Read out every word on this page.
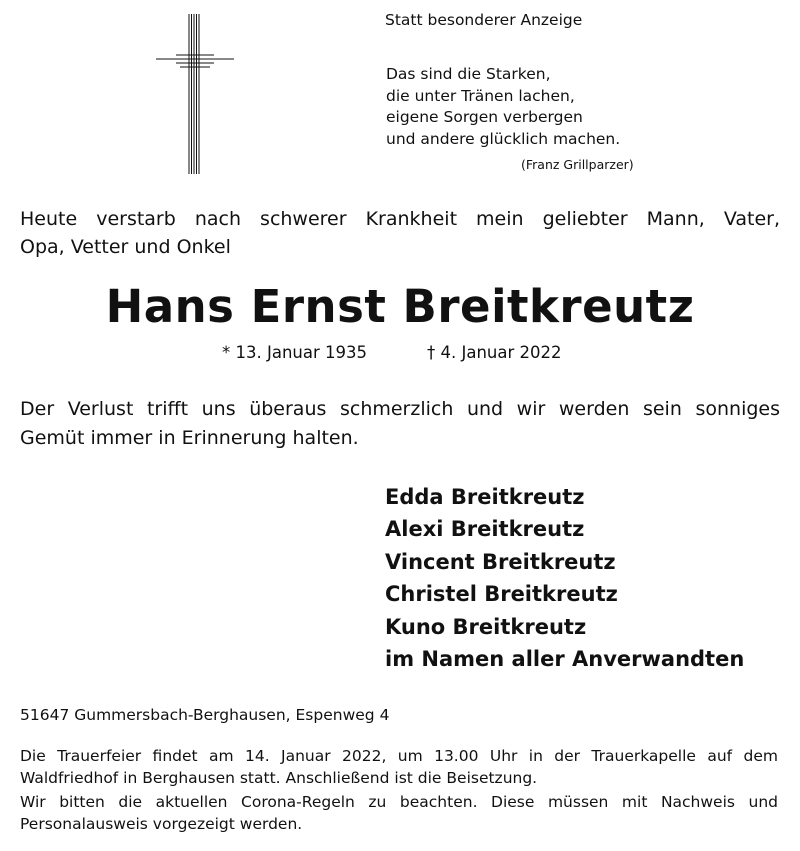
Statt besonderer Anzeige
Das sind die Starken,
die unter Tränen lachen,
eigene Sorgen verbergen
und andere glücklich machen.
(Franz Grillparzer)
Heute verstarb nach schwerer Krankheit mein geliebter Mann, Vater,
Opa, Vetter und Onkel
Hans Ernst Breitkreutz
* 13. Januar 1935	† 4. Januar 2022
Der Verlust trifft uns überaus schmerzlich und wir werden sein sonniges
Gemüt immer in Erinnerung halten.
Edda Breitkreutz
Alexi Breitkreutz
Vincent Breitkreutz
Christel Breitkreutz
Kuno Breitkreutz
im Namen aller Anverwandten
51647 Gummersbach-Berghausen, Espenweg 4
Die Trauerfeier findet am 14. Januar 2022, um 13.00 Uhr in der Trauerkapelle auf dem
Waldfriedhof in Berghausen statt. Anschließend ist die Beisetzung.
Wir bitten die aktuellen Corona-Regeln zu beachten. Diese müssen mit Nachweis und
Personalausweis vorgezeigt werden.
